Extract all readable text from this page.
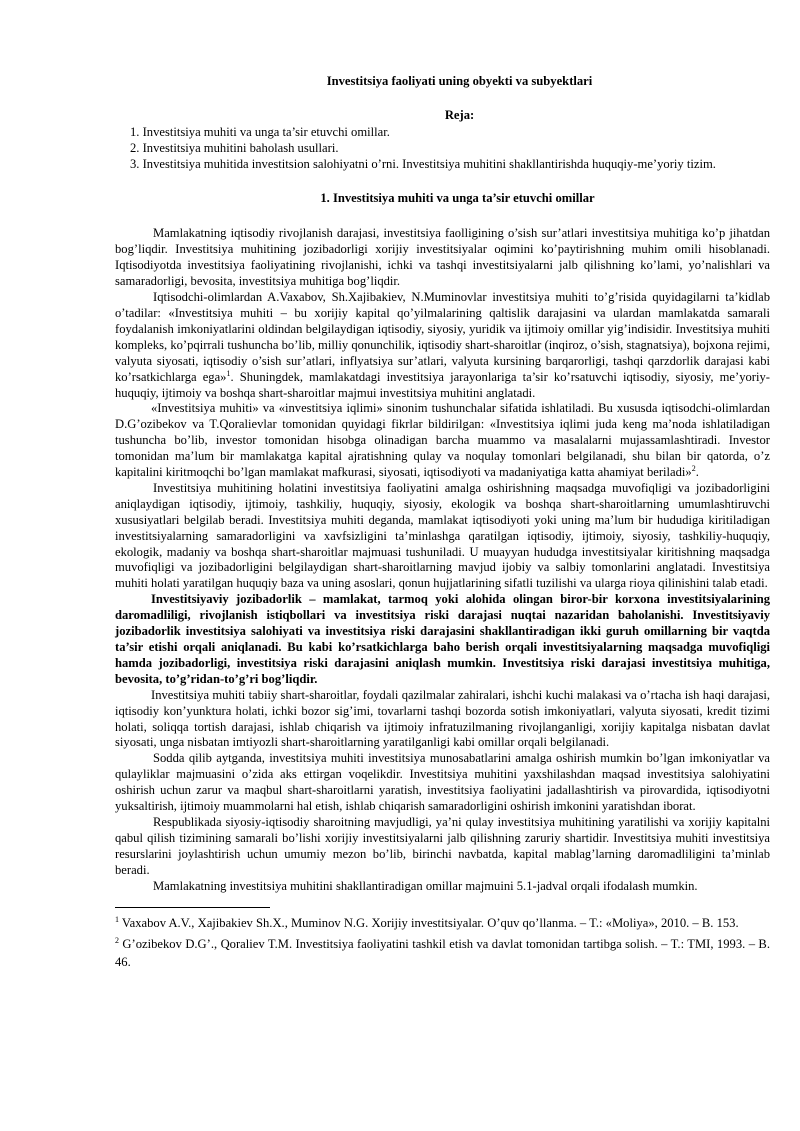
Investitsiya faoliyati uning obyekti va subyektlari

Reja:

1. Investitsiya muhiti va unga ta’sir etuvchi omillar.
2. Investitsiya muhitini baholash usullari.
3. Investitsiya muhitida investitsion salohiyatni o’rni. Investitsiya muhitini shakllantirishda huquqiy-me’yoriy tizim.

1. Investitsiya muhiti va unga ta’sir etuvchi omillar

Mamlakatning iqtisodiy rivojlanish darajasi, investitsiya faolligining o’sish sur’atlari investitsiya muhitiga ko’p jihatdan bog’liqdir. Investitsiya muhitining jozibadorligi xorijiy investitsiyalar oqimini ko’paytirishning muhim omili hisoblanadi. Iqtisodiyotda investitsiya faoliyatining rivojlanishi, ichki va tashqi investitsiyalarni jalb qilishning ko’lami, yo’nalishlari va samaradorligi, bevosita, investitsiya muhitiga bog’liqdir.

Iqtisodchi-olimlardan A.Vaxabov, Sh.Xajibakiev, N.Muminovlar investitsiya muhiti to’g’risida quyidagilarni ta’kidlab o’tadilar: «Investitsiya muhiti – bu xorijiy kapital qo’yilmalarining qaltislik darajasini va ulardan mamlakatda samarali foydalanish imkoniyatlarini oldindan belgilaydigan iqtisodiy, siyosiy, yuridik va ijtimoiy omillar yig’indisidir. Investitsiya muhiti kompleks, ko’pqirrali tushuncha bo’lib, milliy qonunchilik, iqtisodiy shart-sharoitlar (inqiroz, o’sish, stagnatsiya), bojxona rejimi, valyuta siyosati, iqtisodiy o’sish sur’atlari, inflyatsiya sur’atlari, valyuta kursining barqarorligi, tashqi qarzdorlik darajasi kabi ko’rsatkichlarga ega»$^1$. Shuningdek, mamlakatdagi investitsiya jarayonlariga ta’sir ko’rsatuvchi iqtisodiy, siyosiy, me’yoriy-huquqiy, ijtimoiy va boshqa shart-sharoitlar majmui investitsiya muhitini anglatadi.

«Investitsiya muhiti» va «investitsiya iqlimi» sinonim tushunchalar sifatida ishlatiladi. Bu xususda iqtisodchi-olimlardan D.G’ozibekov va T.Qoralievlar tomonidan quyidagi fikrlar bildirilgan: «Investitsiya iqlimi juda keng ma’noda ishlatiladigan tushuncha bo’lib, investor tomonidan hisobga olinadigan barcha muammo va masalalarni mujassamlashtiradi. Investor tomonidan ma’lum bir mamlakatga kapital ajratishning qulay va noqulay tomonlari belgilanadi, shu bilan bir qatorda, o’z kapitalini kiritmoqchi bo’lgan mamlakat mafkurasi, siyosati, iqtisodiyoti va madaniyatiga katta ahamiyat beriladi»$^2$.

Investitsiya muhitining holatini investitsiya faoliyatini amalga oshirishning maqsadga muvofiqligi va jozibadorligini aniqlaydigan iqtisodiy, ijtimoiy, tashkiliy, huquqiy, siyosiy, ekologik va boshqa shart-sharoitlarning umumlashtiruvchi xususiyatlari belgilab beradi. Investitsiya muhiti deganda, mamlakat iqtisodiyoti yoki uning ma’lum bir hududiga kiritiladigan investitsiyalarning samaradorligini va xavfsizligini ta’minlashga qaratilgan iqtisodiy, ijtimoiy, siyosiy, tashkiliy-huquqiy, ekologik, madaniy va boshqa shart-sharoitlar majmuasi tushuniladi. U muayyan hududga investitsiyalar kiritishning maqsadga muvofiqligi va jozibadorligini belgilaydigan shart-sharoitlarning mavjud ijobiy va salbiy tomonlarini anglatadi. Investitsiya muhiti holati yaratilgan huquqiy baza va uning asoslari, qonun hujjatlarining sifatli tuzilishi va ularga rioya qilinishini talab etadi.

Investitsiyaviy jozibadorlik – mamlakat, tarmoq yoki alohida olingan biror-bir korxona investitsiyalarining daromadliligi, rivojlanish istiqbollari va investitsiya riski darajasi nuqtai nazaridan baholanishi. Investitsiyaviy jozibadorlik investitsiya salohiyati va investitsiya riski darajasini shakllantiradigan ikki guruh omillarning bir vaqtda ta’sir etishi orqali aniqlanadi. Bu kabi ko’rsatkichlarga baho berish orqali investitsiyalarning maqsadga muvofiqligi hamda jozibadorligi, investitsiya riski darajasini aniqlash mumkin. Investitsiya riski darajasi investitsiya muhitiga, bevosita, to’g’ridan-to’g’ri bog’liqdir.

Investitsiya muhiti tabiiy shart-sharoitlar, foydali qazilmalar zahiralari, ishchi kuchi malakasi va o’rtacha ish haqi darajasi, iqtisodiy kon’yunktura holati, ichki bozor sig’imi, tovarlarni tashqi bozorda sotish imkoniyatlari, valyuta siyosati, kredit tizimi holati, soliqqa tortish darajasi, ishlab chiqarish va ijtimoiy infratuzilmaning rivojlanganligi, xorijiy kapitalga nisbatan davlat siyosati, unga nisbatan imtiyozli shart-sharoitlarning yaratilganligi kabi omillar orqali belgilanadi.

Sodda qilib aytganda, investitsiya muhiti investitsiya munosabatlarini amalga oshirish mumkin bo’lgan imkoniyatlar va qulayliklar majmuasini o’zida aks ettirgan voqelikdir. Investitsiya muhitini yaxshilashdan maqsad investitsiya salohiyatini oshirish uchun zarur va maqbul shart-sharoitlarni yaratish, investitsiya faoliyatini jadallashtirish va pirovardida, iqtisodiyotni yuksaltirish, ijtimoiy muammolarni hal etish, ishlab chiqarish samaradorligini oshirish imkonini yaratishdan iborat.

Respublikada siyosiy-iqtisodiy sharoitning mavjudligi, ya’ni qulay investitsiya muhitining yaratilishi va xorijiy kapitalni qabul qilish tizimining samarali bo’lishi xorijiy investitsiyalarni jalb qilishning zaruriy shartidir. Investitsiya muhiti investitsiya resurslarini joylashtirish uchun umumiy mezon bo’lib, birinchi navbatda, kapital mablag’larning daromadliligini ta’minlab beradi.

Mamlakatning investitsiya muhitini shakllantiradigan omillar majmuini 5.1-jadval orqali ifodalash mumkin.

$^1$ Vaxabov A.V., Xajibakiev Sh.X., Muminov N.G. Xorijiy investitsiyalar. O’quv qo’llanma. – T.: «Moliya», 2010. – B. 153.

$^2$ G’ozibekov D.G’., Qoraliev T.M. Investitsiya faoliyatini tashkil etish va davlat tomonidan tartibga solish. – T.: TMI, 1993. – B. 46.
